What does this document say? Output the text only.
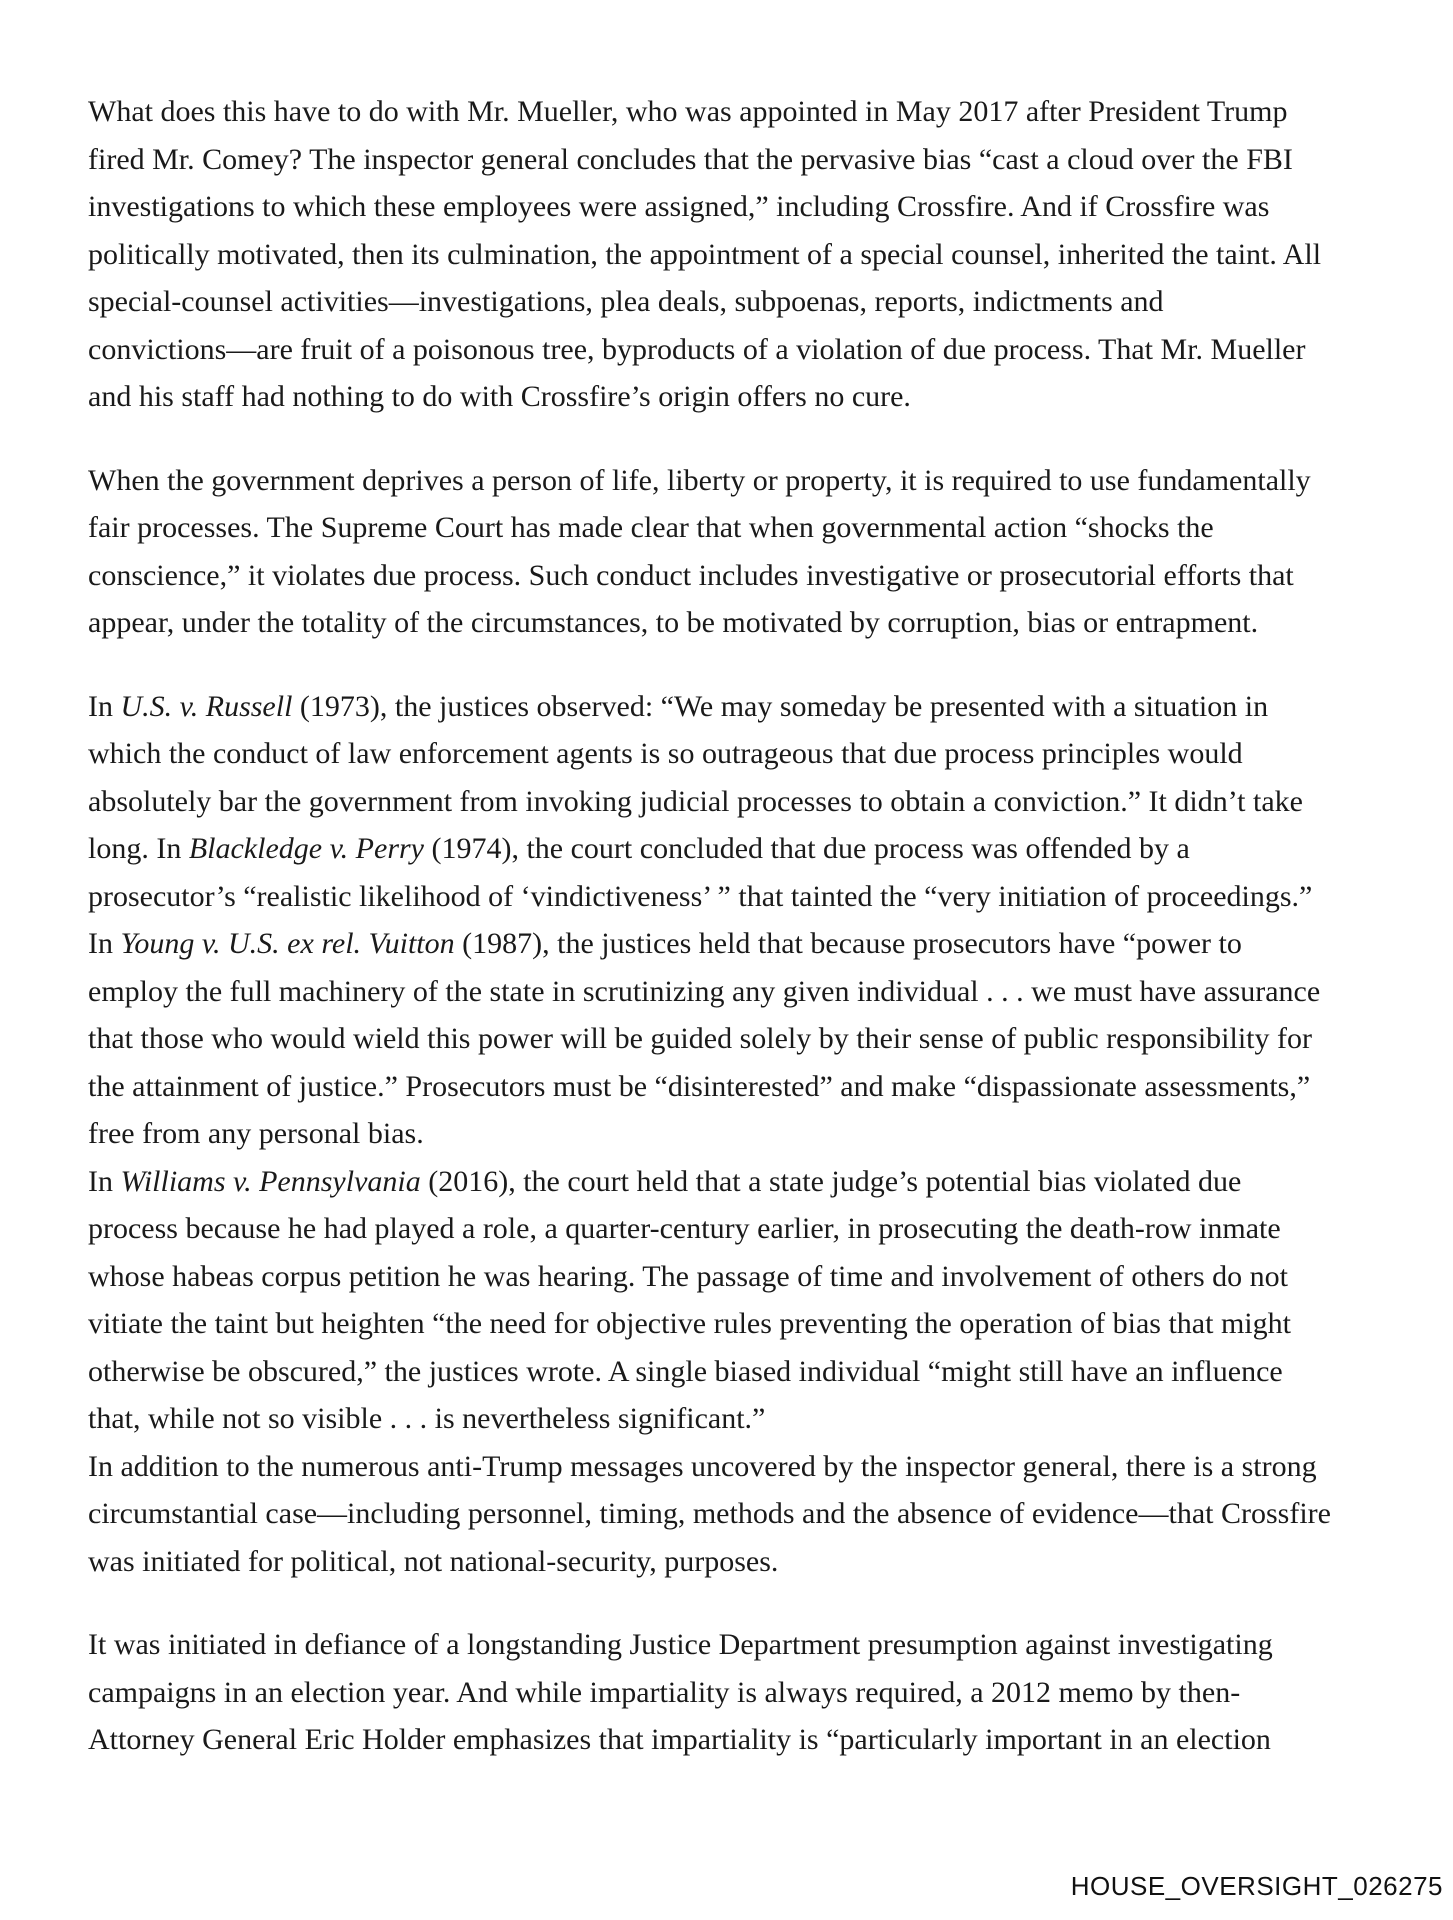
What does this have to do with Mr. Mueller, who was appointed in May 2017 after President Trump
fired Mr. Comey? The inspector general concludes that the pervasive bias “cast a cloud over the FBI
investigations to which these employees were assigned,” including Crossfire. And if Crossfire was
politically motivated, then its culmination, the appointment of a special counsel, inherited the taint. All
special-counsel activities—investigations, plea deals, subpoenas, reports, indictments and
convictions—are fruit of a poisonous tree, byproducts of a violation of due process. That Mr. Mueller
and his staff had nothing to do with Crossfire’s origin offers no cure.
When the government deprives a person of life, liberty or property, it is required to use fundamentally
fair processes. The Supreme Court has made clear that when governmental action “shocks the
conscience,” it violates due process. Such conduct includes investigative or prosecutorial efforts that
appear, under the totality of the circumstances, to be motivated by corruption, bias or entrapment.
In U.S. v. Russell (1973), the justices observed: “We may someday be presented with a situation in
which the conduct of law enforcement agents is so outrageous that due process principles would
absolutely bar the government from invoking judicial processes to obtain a conviction.” It didn’t take
long. In Blackledge v. Perry (1974), the court concluded that due process was offended by a
prosecutor’s “realistic likelihood of ‘vindictiveness’ ” that tainted the “very initiation of proceedings.”
In Young v. U.S. ex rel. Vuitton (1987), the justices held that because prosecutors have “power to
employ the full machinery of the state in scrutinizing any given individual . . . we must have assurance
that those who would wield this power will be guided solely by their sense of public responsibility for
the attainment of justice.” Prosecutors must be “disinterested” and make “dispassionate assessments,”
free from any personal bias.
In Williams v. Pennsylvania (2016), the court held that a state judge’s potential bias violated due
process because he had played a role, a quarter-century earlier, in prosecuting the death-row inmate
whose habeas corpus petition he was hearing. The passage of time and involvement of others do not
vitiate the taint but heighten “the need for objective rules preventing the operation of bias that might
otherwise be obscured,” the justices wrote. A single biased individual “might still have an influence
that, while not so visible . . . is nevertheless significant.”
In addition to the numerous anti-Trump messages uncovered by the inspector general, there is a strong
circumstantial case—including personnel, timing, methods and the absence of evidence—that Crossfire
was initiated for political, not national-security, purposes.
It was initiated in defiance of a longstanding Justice Department presumption against investigating
campaigns in an election year. And while impartiality is always required, a 2012 memo by then-
Attorney General Eric Holder emphasizes that impartiality is “particularly important in an election
HOUSE_OVERSIGHT_026275
